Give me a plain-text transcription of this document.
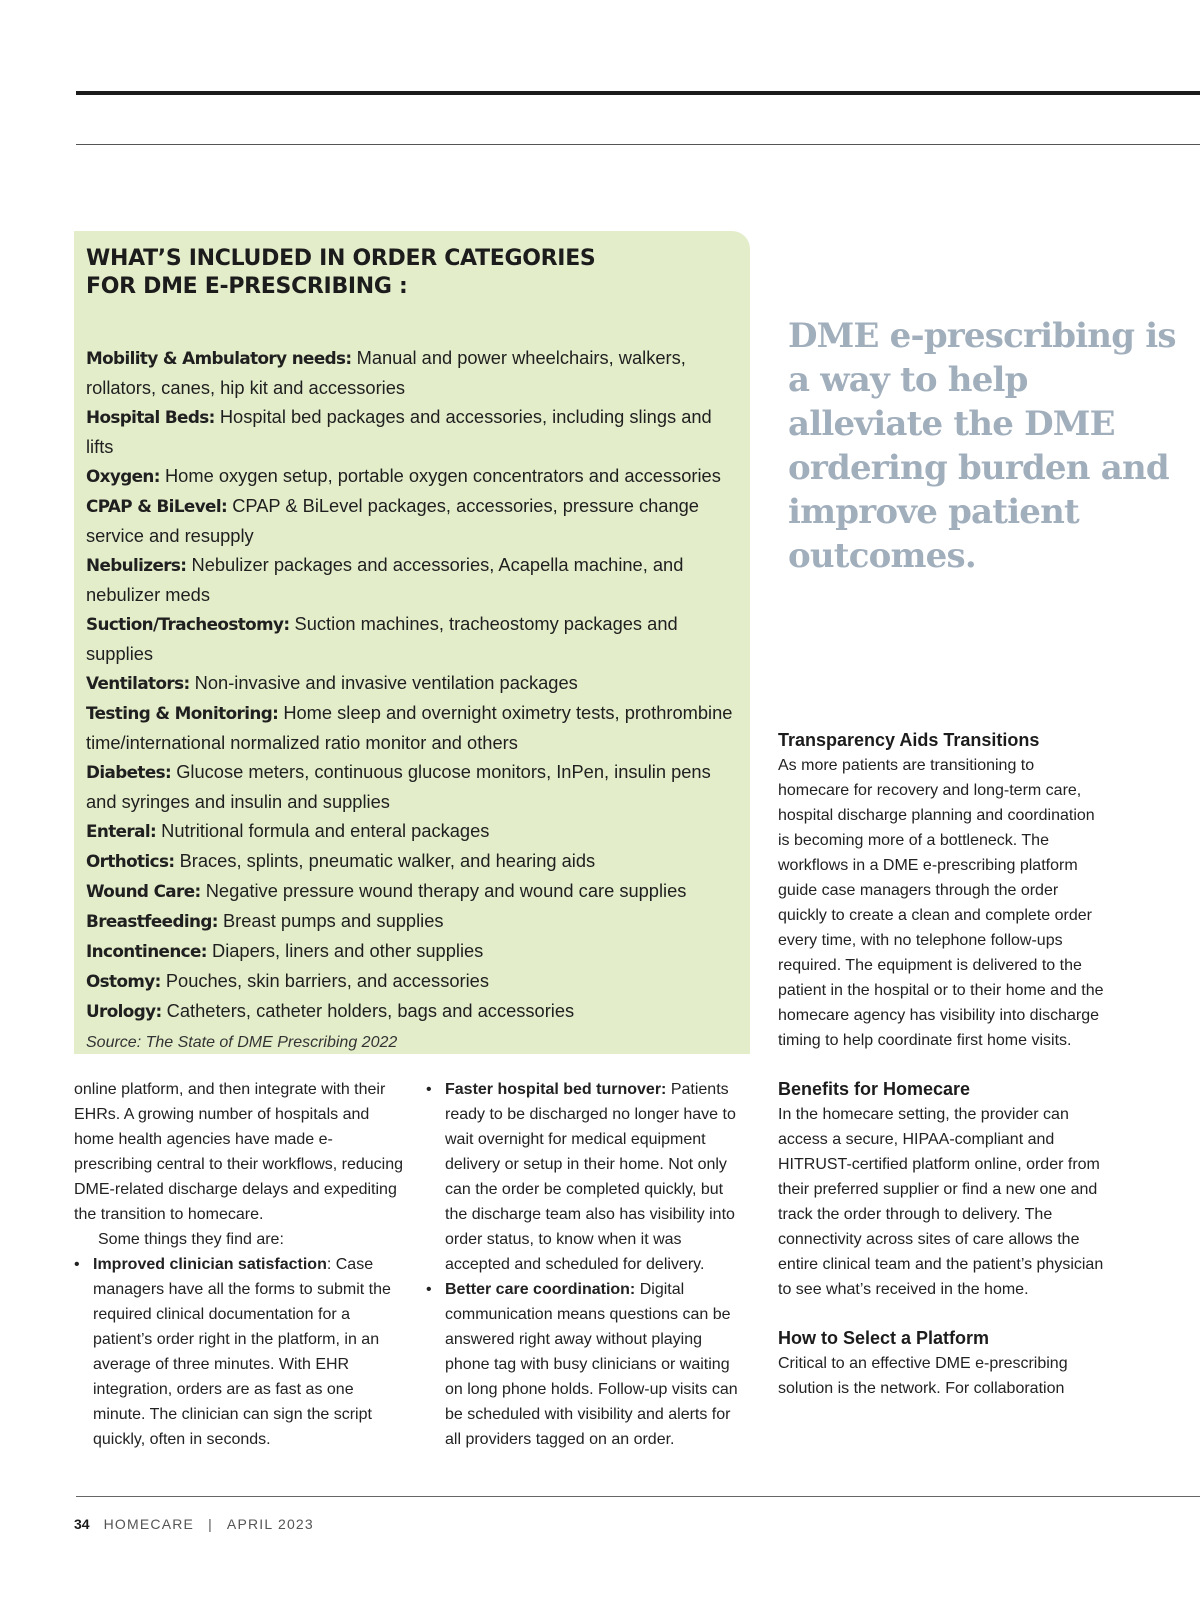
WHAT’S INCLUDED IN ORDER CATEGORIES
FOR DME E-PRESCRIBING :
Mobility & Ambulatory needs: Manual and power wheelchairs, walkers, rollators, canes, hip kit and accessories
Hospital Beds: Hospital bed packages and accessories, including slings and lifts
Oxygen: Home oxygen setup, portable oxygen concentrators and accessories
CPAP & BiLevel: CPAP & BiLevel packages, accessories, pressure change service and resupply
Nebulizers: Nebulizer packages and accessories, Acapella machine, and nebulizer meds
Suction/Tracheostomy: Suction machines, tracheostomy packages and supplies
Ventilators: Non-invasive and invasive ventilation packages
Testing & Monitoring: Home sleep and overnight oximetry tests, prothrombine time/international normalized ratio monitor and others
Diabetes: Glucose meters, continuous glucose monitors, InPen, insulin pens and syringes and insulin and supplies
Enteral: Nutritional formula and enteral packages
Orthotics: Braces, splints, pneumatic walker, and hearing aids
Wound Care: Negative pressure wound therapy and wound care supplies
Breastfeeding: Breast pumps and supplies
Incontinence: Diapers, liners and other supplies
Ostomy: Pouches, skin barriers, and accessories
Urology: Catheters, catheter holders, bags and accessories
Source: The State of DME Prescribing 2022
DME e-prescribing is a way to help alleviate the DME ordering burden and improve patient outcomes.

online platform, and then integrate with their EHRs. A growing number of hospitals and home health agencies have made e-prescribing central to their workflows, reducing DME-related discharge delays and expediting the transition to homecare.

Some things they find are:

• Improved clinician satisfaction: Case managers have all the forms to submit the required clinical documentation for a patient’s order right in the platform, in an average of three minutes. With EHR integration, orders are as fast as one minute. The clinician can sign the script quickly, often in seconds.
• Faster hospital bed turnover: Patients ready to be discharged no longer have to wait overnight for medical equipment delivery or setup in their home. Not only can the order be completed quickly, but the discharge team also has visibility into order status, to know when it was accepted and scheduled for delivery.
• Better care coordination: Digital communication means questions can be answered right away without playing phone tag with busy clinicians or waiting on long phone holds. Follow-up visits can be scheduled with visibility and alerts for all providers tagged on an order.
Transparency Aids Transitions

As more patients are transitioning to homecare for recovery and long-term care, hospital discharge planning and coordination is becoming more of a bottleneck. The workflows in a DME e-prescribing platform guide case managers through the order quickly to create a clean and complete order every time, with no telephone follow-ups required. The equipment is delivered to the patient in the hospital or to their home and the homecare agency has visibility into discharge timing to help coordinate first home visits.

Benefits for Homecare

In the homecare setting, the provider can access a secure, HIPAA-compliant and HITRUST-certified platform online, order from their preferred supplier or find a new one and track the order through to delivery. The connectivity across sites of care allows the entire clinical team and the patient’s physician to see what’s received in the home.

How to Select a Platform

Critical to an effective DME e-prescribing solution is the network. For collaboration

34 HOMECARE | APRIL 2023
